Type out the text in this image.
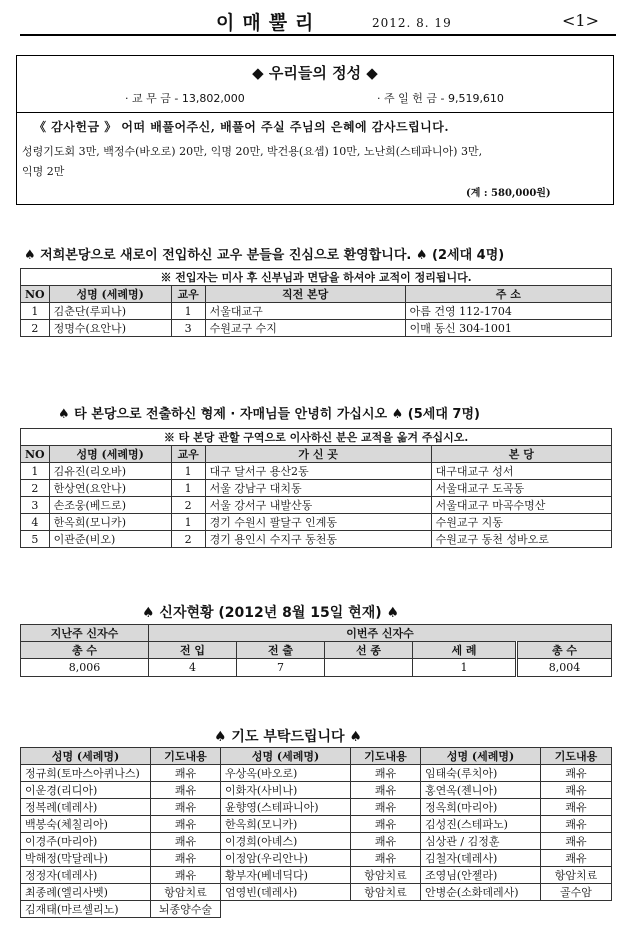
이매뿔리	2012. 8. 19	<1>
◆ 우리들의 정성 ◆
· 교 무 금 - 13,802,000	· 주 일 헌 금 - 9,519,610
《 감사헌금 》 어떠 배풀어주신, 배풀어 주실 주님의 은혜에 감사드립니다.
성령기도회 3만, 백정수(바오로) 20만, 익명 20만, 박건용(요셉) 10만, 노난희(스테파니아) 3만,
익명 2만
(계 : 580,000원)
♠ 저희본당으로 새로이 전입하신 교우 분들을 진심으로 환영합니다. ♠ (2세대 4명)
※ 전입자는 미사 후 신부님과 면담을 하셔야 교적이 정리됩니다.				
NO	성명 (세례명)	교우	직전 본당	주 소
1	김춘단(루피나)	1	서울대교구	아름 건영 112-1704
2	정명수(요안나)	3	수원교구 수지	이매 동신 304-1001
♠ 타 본당으로 전출하신 형제 · 자매님들 안녕히 가십시오 ♠ (5세대 7명)
※ 타 본당 관할 구역으로 이사하신 분은 교적을 옮겨 주십시오.				
NO	성명 (세례명)	교우	가 신 곳	본 당
1	김유진(리오바)	1	대구 달서구 용산2동	대구대교구 성서
2	한상연(요안나)	1	서울 강남구 대치동	서울대교구 도곡동
3	손조웅(베드로)	2	서울 강서구 내발산동	서울대교구 마곡수명산
4	한옥희(모니카)	1	경기 수원시 팔달구 인계동	수원교구 지동
5	이관준(비오)	2	경기 용인시 수지구 동천동	수원교구 동천 성바오로
♠ 신자현황 (2012년 8월 15일 현재) ♠
지난주 신자수	이번주 신자수				
총 수	전 입	전 출	선 종	세 례	총 수
8,006	4	7		1	8,004
♠ 기도 부탁드립니다 ♠
성명 (세례명)	기도내용	성명 (세례명)	기도내용	성명 (세례명)	기도내용
정규희(토마스아퀴나스)	쾌유	우상옥(바오로)	쾌유	임태숙(루치아)	쾌유
이운경(리디아)	쾌유	이화자(사비나)	쾌유	홍연옥(젠니아)	쾌유
정복례(데레사)	쾌유	윤향영(스테파니아)	쾌유	정옥희(마리아)	쾌유
백봉숙(체칠리아)	쾌유	한옥희(모니카)	쾌유	김성진(스테파노)	쾌유
이경주(마리아)	쾌유	이경희(아녜스)	쾌유	심상관 / 김정훈	쾌유
박해정(막달레나)	쾌유	이정암(우리안나)	쾌유	김철자(데레사)	쾌유
정정자(데레사)	쾌유	황부자(베네딕다)	항암치료	조영님(안젤라)	항암치료
최종례(엘리사벳)	항암치료	엄영빈(데레사)	항암치료	안병순(소화데레사)	골수암
김재태(마르셀리노)	뇌종양수술				
